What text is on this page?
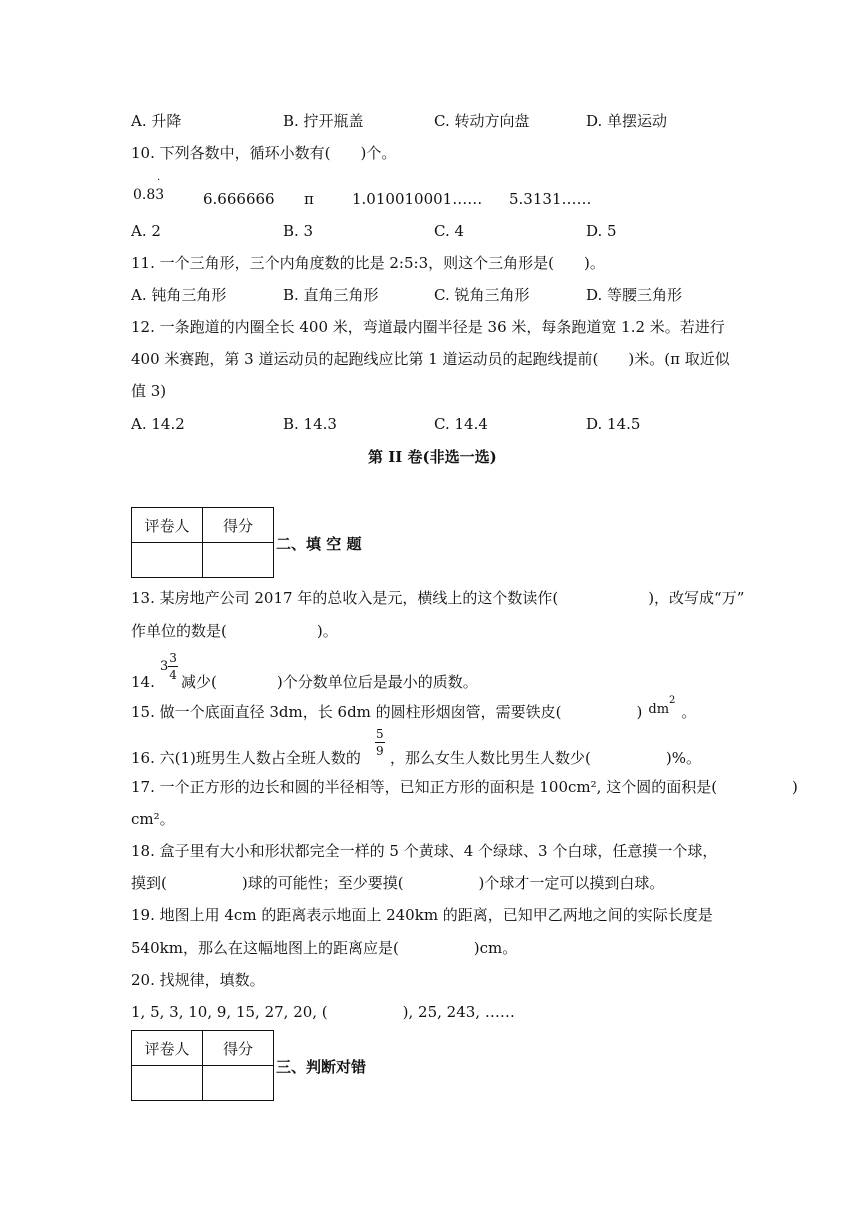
A. 升降	B. 拧开瓶盖	C. 转动方向盘	D. 单摆运动
10. 下列各数中，循环小数有(　　)个。
0.83
·
6.666666 π	1.010010001…… 5.3131……
A. 2	B. 3	C. 4	D. 5
11. 一个三角形，三个内角度数的比是 2:5:3，则这个三角形是(　　)。
A. 钝角三角形	B. 直角三角形	C. 锐角三角形	D. 等腰三角形
12. 一条跑道的内圈全长 400 米，弯道最内圈半径是 36 米，每条跑道宽 1.2 米。若进行
400 米赛跑，第 3 道运动员的起跑线应比第 1 道运动员的起跑线提前(　　)米。(π 取近似
值 3)
A. 14.2	B. 14.3	C. 14.4	D. 14.5
第 II 卷(非选一选)
评卷人	得分

二、填 空 题
13. 某房地产公司 2017 年的总收入是元，横线上的这个数读作(　　　　　　)，改写成“万”
作单位的数是(　　　　　　)。
14.
$3 \frac{3}{4}$
减少(　　　　)个分数单位后是最小的质数。
15. 做一个底面直径 3dm，长 6dm 的圆柱形烟囱管，需要铁皮(　　　　　) $dm^2$。
16. 六(1)班男生人数占全班人数的
$\frac{5}{9}$
，那么女生人数比男生人数少(　　　　　)%。
17. 一个正方形的边长和圆的半径相等，已知正方形的面积是 100cm², 这个圆的面积是(　　　　　)
cm²。
18. 盒子里有大小和形状都完全一样的 5 个黄球、4 个绿球、3 个白球，任意摸一个球，
摸到(　　　　　)球的可能性；至少要摸(　　　　　)个球才一定可以摸到白球。
19. 地图上用 4cm 的距离表示地面上 240km 的距离，已知甲乙两地之间的实际长度是
540km，那么在这幅地图上的距离应是(　　　　　)cm。
20. 找规律，填数。
1, 5, 3, 10, 9, 15, 27, 20, (　　　　　), 25, 243, ……
评卷人	得分

三、判断对错
